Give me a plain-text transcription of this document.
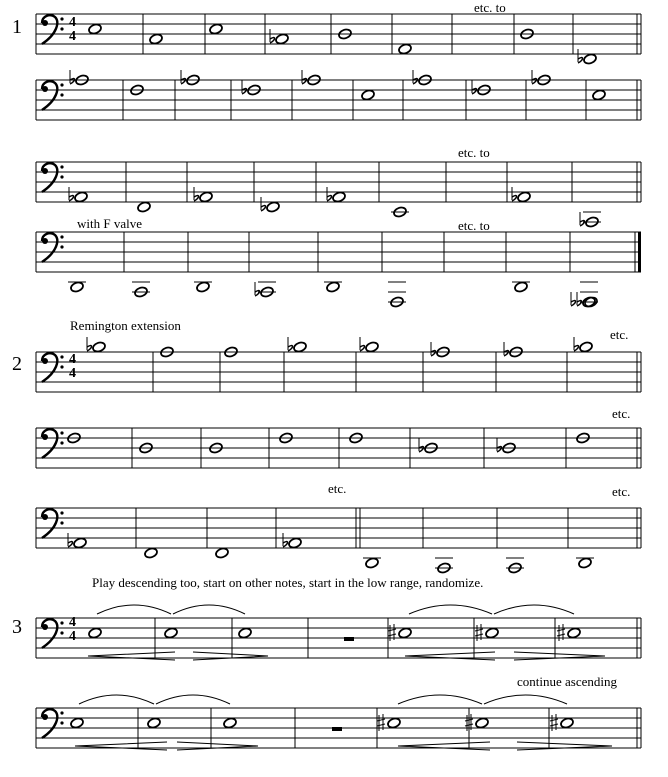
1
2
3
4
4
4
4
4
4
etc. to
etc. to
with F valve	etc. to
Remington extension
etc.
etc.
etc.	etc.
Play descending too, start on other notes, start in the low range, randomize.
continue ascending
